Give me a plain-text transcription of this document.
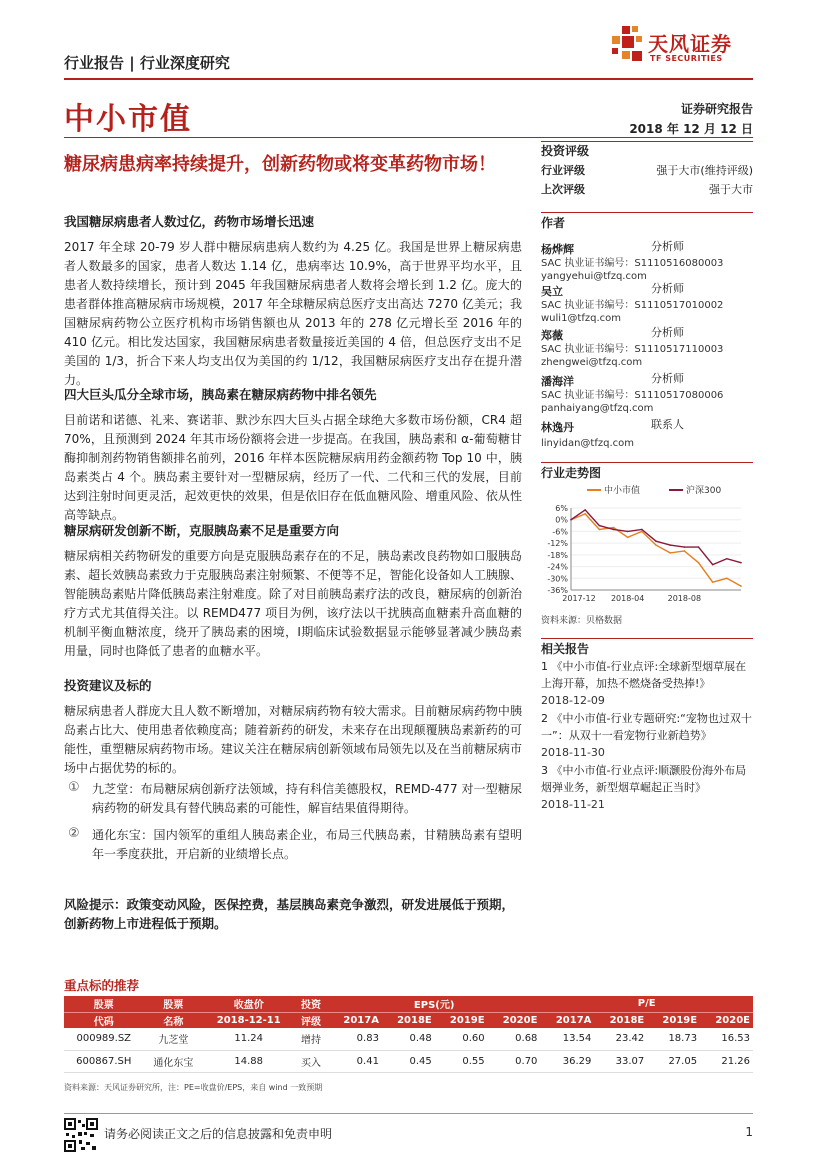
行业报告 | 行业深度研究
天风证券
TF SECURITIES
中小市值	证券研究报告
2018 年 12 月 12 日
糖尿病患病率持续提升，创新药物或将变革药物市场！
我国糖尿病患者人数过亿，药物市场增长迅速
2017 年全球 20-79 岁人群中糖尿病患病人数约为 4.25 亿。我国是世界上糖尿病患者人数最多的国家，患者人数达 1.14 亿，患病率达 10.9%，高于世界平均水平，且患者人数持续增长，预计到 2045 年我国糖尿病患者人数将会增长到 1.2 亿。庞大的患者群体推高糖尿病市场规模，2017 年全球糖尿病总医疗支出高达 7270 亿美元；我国糖尿病药物公立医疗机构市场销售额也从 2013 年的 278 亿元增长至 2016 年的 410 亿元。相比发达国家，我国糖尿病患者数量接近美国的 4 倍，但总医疗支出不足美国的 1/3，折合下来人均支出仅为美国的约 1/12，我国糖尿病医疗支出存在提升潜力。
四大巨头瓜分全球市场，胰岛素在糖尿病药物中排名领先
目前诺和诺德、礼来、赛诺菲、默沙东四大巨头占据全球绝大多数市场份额，CR4 超 70%，且预测到 2024 年其市场份额将会进一步提高。在我国，胰岛素和 α-葡萄糖甘酶抑制剂药物销售额排名前列，2016 年样本医院糖尿病用药金额药物 Top 10 中，胰岛素类占 4 个。胰岛素主要针对一型糖尿病，经历了一代、二代和三代的发展，目前达到注射时间更灵活，起效更快的效果，但是依旧存在低血糖风险、增重风险、依从性高等缺点。
糖尿病研发创新不断，克服胰岛素不足是重要方向
糖尿病相关药物研发的重要方向是克服胰岛素存在的不足，胰岛素改良药物如口服胰岛素、超长效胰岛素致力于克服胰岛素注射频繁、不便等不足，智能化设备如人工胰腺、智能胰岛素贴片降低胰岛素注射难度。除了对目前胰岛素疗法的改良，糖尿病的创新治疗方式尤其值得关注。以 REMD477 项目为例，该疗法以干扰胰高血糖素升高血糖的机制平衡血糖浓度，绕开了胰岛素的困境，Ⅰ期临床试验数据显示能够显著减少胰岛素用量，同时也降低了患者的血糖水平。
投资建议及标的
糖尿病患者人群庞大且人数不断增加，对糖尿病药物有较大需求。目前糖尿病药物中胰岛素占比大、使用患者依赖度高；随着新药的研发，未来存在出现颠覆胰岛素新药的可能性，重塑糖尿病药物市场。建议关注在糖尿病创新领域布局领先以及在当前糖尿病市场中占据优势的标的。
① 九芝堂：布局糖尿病创新疗法领域，持有科信美德股权，REMD-477 对一型糖尿病药物的研发具有替代胰岛素的可能性，解盲结果值得期待。
② 通化东宝：国内领军的重组人胰岛素企业，布局三代胰岛素，甘精胰岛素有望明年一季度获批，开启新的业绩增长点。
风险提示：政策变动风险，医保控费，基层胰岛素竞争激烈，研发进展低于预期，创新药物上市进程低于预期。
投资评级
行业评级	强于大市(维持评级)
上次评级	强于大市
作者
杨烨辉	分析师
SAC 执业证书编号：S1110516080003
yangyehui@tfzq.com
吴立	分析师
SAC 执业证书编号：S1110517010002
wuli1@tfzq.com
郑薇	分析师
SAC 执业证书编号：S1110517110003
zhengwei@tfzq.com
潘海洋	分析师
SAC 执业证书编号：S1110517080006
panhaiyang@tfzq.com
林逸丹	联系人
linyidan@tfzq.com
行业走势图
中小市值	沪深300
6%
0%
-6%
-12%
-18%
-24%
-30%
-36%
2017-12 2018-04	2018-08
资料来源：贝格数据
相关报告
1 《中小市值-行业点评:全球新型烟草展在上海开幕，加热不燃烧备受热捧!》
2018-12-09
2 《中小市值-行业专题研究:“宠物也过双十一”：从双十一看宠物行业新趋势》
2018-11-30
3 《中小市值-行业点评:顺灏股份海外布局烟弹业务，新型烟草崛起正当时》
2018-11-21
重点标的推荐
股票	股票	收盘价	投资	EPS(元)				P/E			
代码	名称	2018-12-11	评级	2017A	2018E	2019E	2020E	2017A	2018E	2019E	2020E
000989.SZ	九芝堂	11.24	增持	0.83	0.48	0.60	0.68	13.54	23.42	18.73	16.53
600867.SH	通化东宝	14.88	买入	0.41	0.45	0.55	0.70	36.29	33.07	27.05	21.26
资料来源：天风证券研究所，注：PE=收盘价/EPS，来自 wind 一致预期
请务必阅读正文之后的信息披露和免责申明	1
